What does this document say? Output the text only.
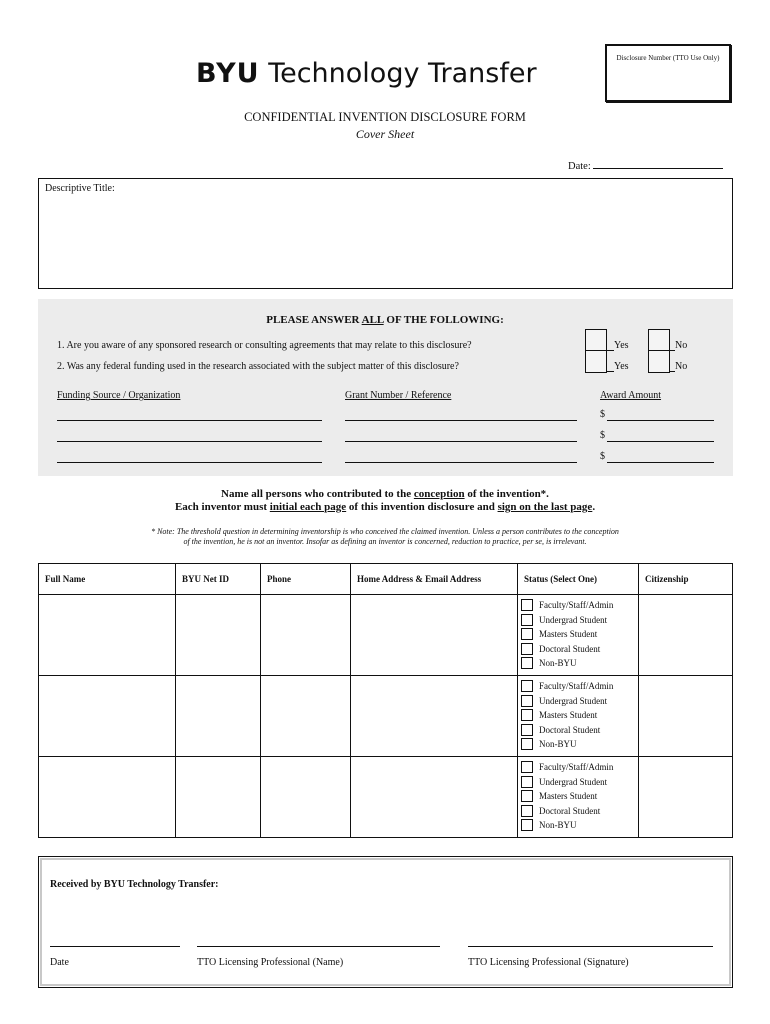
BYU Technology Transfer	Disclosure Number (TTO Use Only)
CONFIDENTIAL INVENTION DISCLOSURE FORM
Cover Sheet
Date:
Descriptive Title:
PLEASE ANSWER ALL OF THE FOLLOWING:
1. Are you aware of any sponsored research or consulting agreements that may relate to this disclosure?
2. Was any federal funding used in the research associated with the subject matter of this disclosure?
Yes
Yes
No
No
Funding Source / Organization	Grant Number / Reference	Award Amount
$
$
$
Name all persons who contributed to the conception of the invention*.
Each inventor must initial each page of this invention disclosure and sign on the last page.
* Note: The threshold question in determining inventorship is who conceived the claimed invention. Unless a person contributes to the conception
of the invention, he is not an inventor. Insofar as defining an inventor is concerned, reduction to practice, per se, is irrelevant.
Full Name	BYU Net ID	Phone	Home Address & Email Address	Status (Select One)	Citizenship

				Faculty/Staff/Admin
Undergrad Student
Masters Student
Doctoral Student
Non-BYU	

				Faculty/Staff/Admin
Undergrad Student
Masters Student
Doctoral Student
Non-BYU	

				Faculty/Staff/Admin
Undergrad Student
Masters Student
Doctoral Student
Non-BYU	

Received by BYU Technology Transfer:
Date	TTO Licensing Professional (Name)	TTO Licensing Professional (Signature)
